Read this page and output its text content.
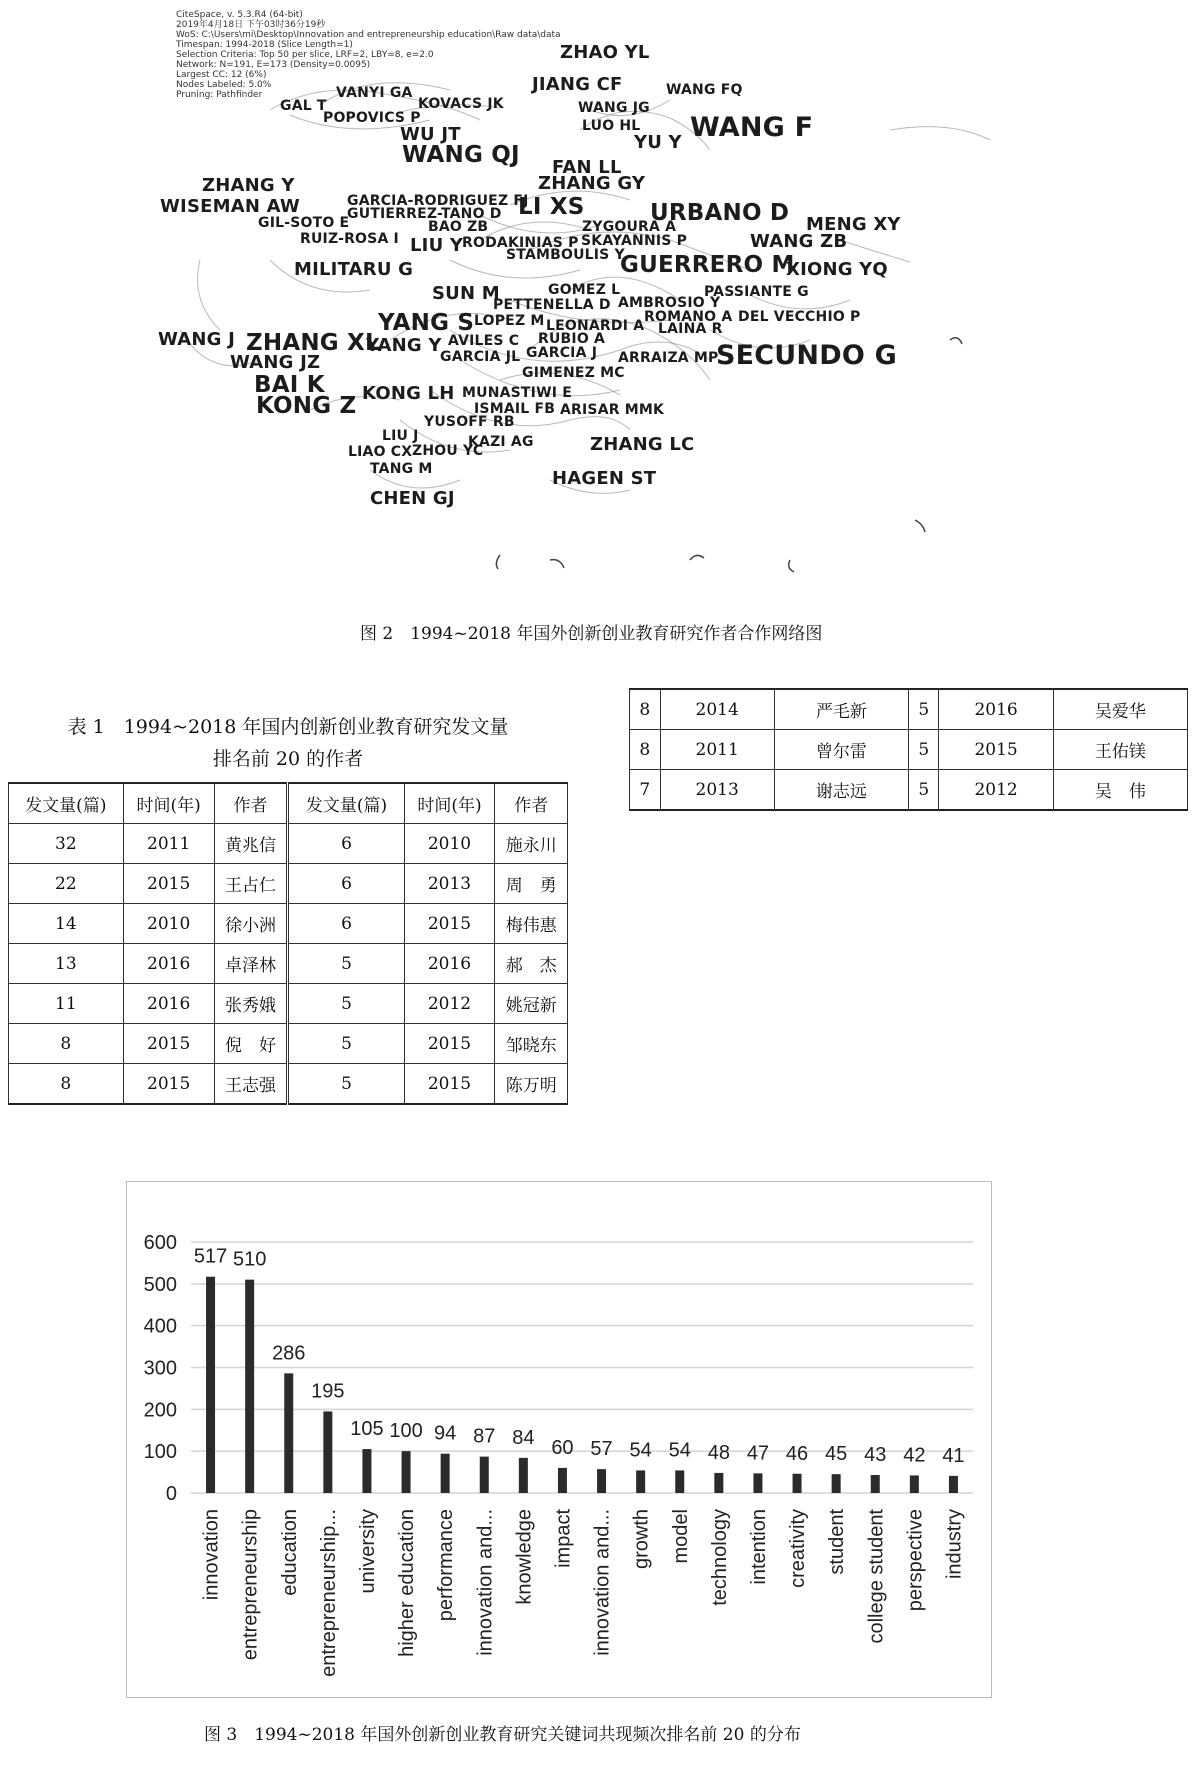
CiteSpace, v. 5.3.R4 (64-bit)
2019年4月18日 下午03时36分19秒
WoS: C:\Users\mi\Desktop\Innovation and entrepreneurship education\Raw data\data
Timespan: 1994-2018 (Slice Length=1)
Selection Criteria: Top 50 per slice, LRF=2, LBY=8, e=2.0
Network: N=191, E=173 (Density=0.0095)
Largest CC: 12 (6%)
Nodes Labeled: 5.0%
Pruning: Pathfinder
ZHAO YL
JIANG CF	WANG FQ
VANYI GA
GAL T	KOVACS JK	WANG JG
POPOVICS P	LUO HL WANG F
WU JT	YU Y
WANG QJ FAN LL
ZHANG GY
ZHANG Y
WISEMAN AW	GARCIA-RODRIGUEZ FJ
GUTIERREZ-TANO D LI XS	URBANO D MENG XY
GIL-SOTO E	BAO ZB	ZYGOURA A
RUIZ-ROSA I LIU Y
RODAKINIAS P SKAYANNIS P	WANG ZB
STAMBOULIS Y
GUERRERO M
XIONG YQ
MILITARU G
GOMEZ L	PASSIANTE G
SUN M	AMBROSIO Y
PETTENELLA D
ROMANO A DEL VECCHIO P
LOPEZ M LEONARDI A LAINA R
YANG S
WANG J ZHANG XL
YANG Y AVILES C RUBIO A
SECUNDO G
WANG JZ	GARCIA JL GARCIA J ARRAIZA MP
GIMENEZ MC
BAI K KONG LH MUNASTIWI E
KONG Z	ISMAIL FB ARISAR MMK
YUSOFF RB
LIU J	KAZI AG	ZHANG LC
LIAO CX ZHOU YC
TANG M	HAGEN ST
CHEN GJ
图 2　1994~2018 年国外创新创业教育研究作者合作网络图
表 1　1994~2018 年国内创新创业教育研究发文量
排名前 20 的作者
发文量(篇)	时间(年)	作者	发文量(篇)	时间(年)	作者
32	2011	黄兆信	6	2010	施永川
22	2015	王占仁	6	2013	周　勇
14	2010	徐小洲	6	2015	梅伟惠
13	2016	卓泽林	5	2016	郝　杰
11	2016	张秀娥	5	2012	姚冠新
8	2015	倪　好	5	2015	邹晓东
8	2015	王志强	5	2015	陈万明
8	2014	严毛新	5	2016	吴爱华
8	2011	曾尔雷	5	2015	王佑镁
7	2013	谢志远	5	2012	吴　伟
0
100
200
300
400
500
600
517
innovation
510
entrepreneurship
286
education
195
entrepreneurship...
105
university
100
higher education
94
performance
87
innovation and...
84
knowledge
60
impact
57
innovation and...
54
growth
54
model
48
technology
47
intention
46
creativity
45
student
43
college student
42
perspective
41
industry
图 3　1994~2018 年国外创新创业教育研究关键词共现频次排名前 20 的分布
